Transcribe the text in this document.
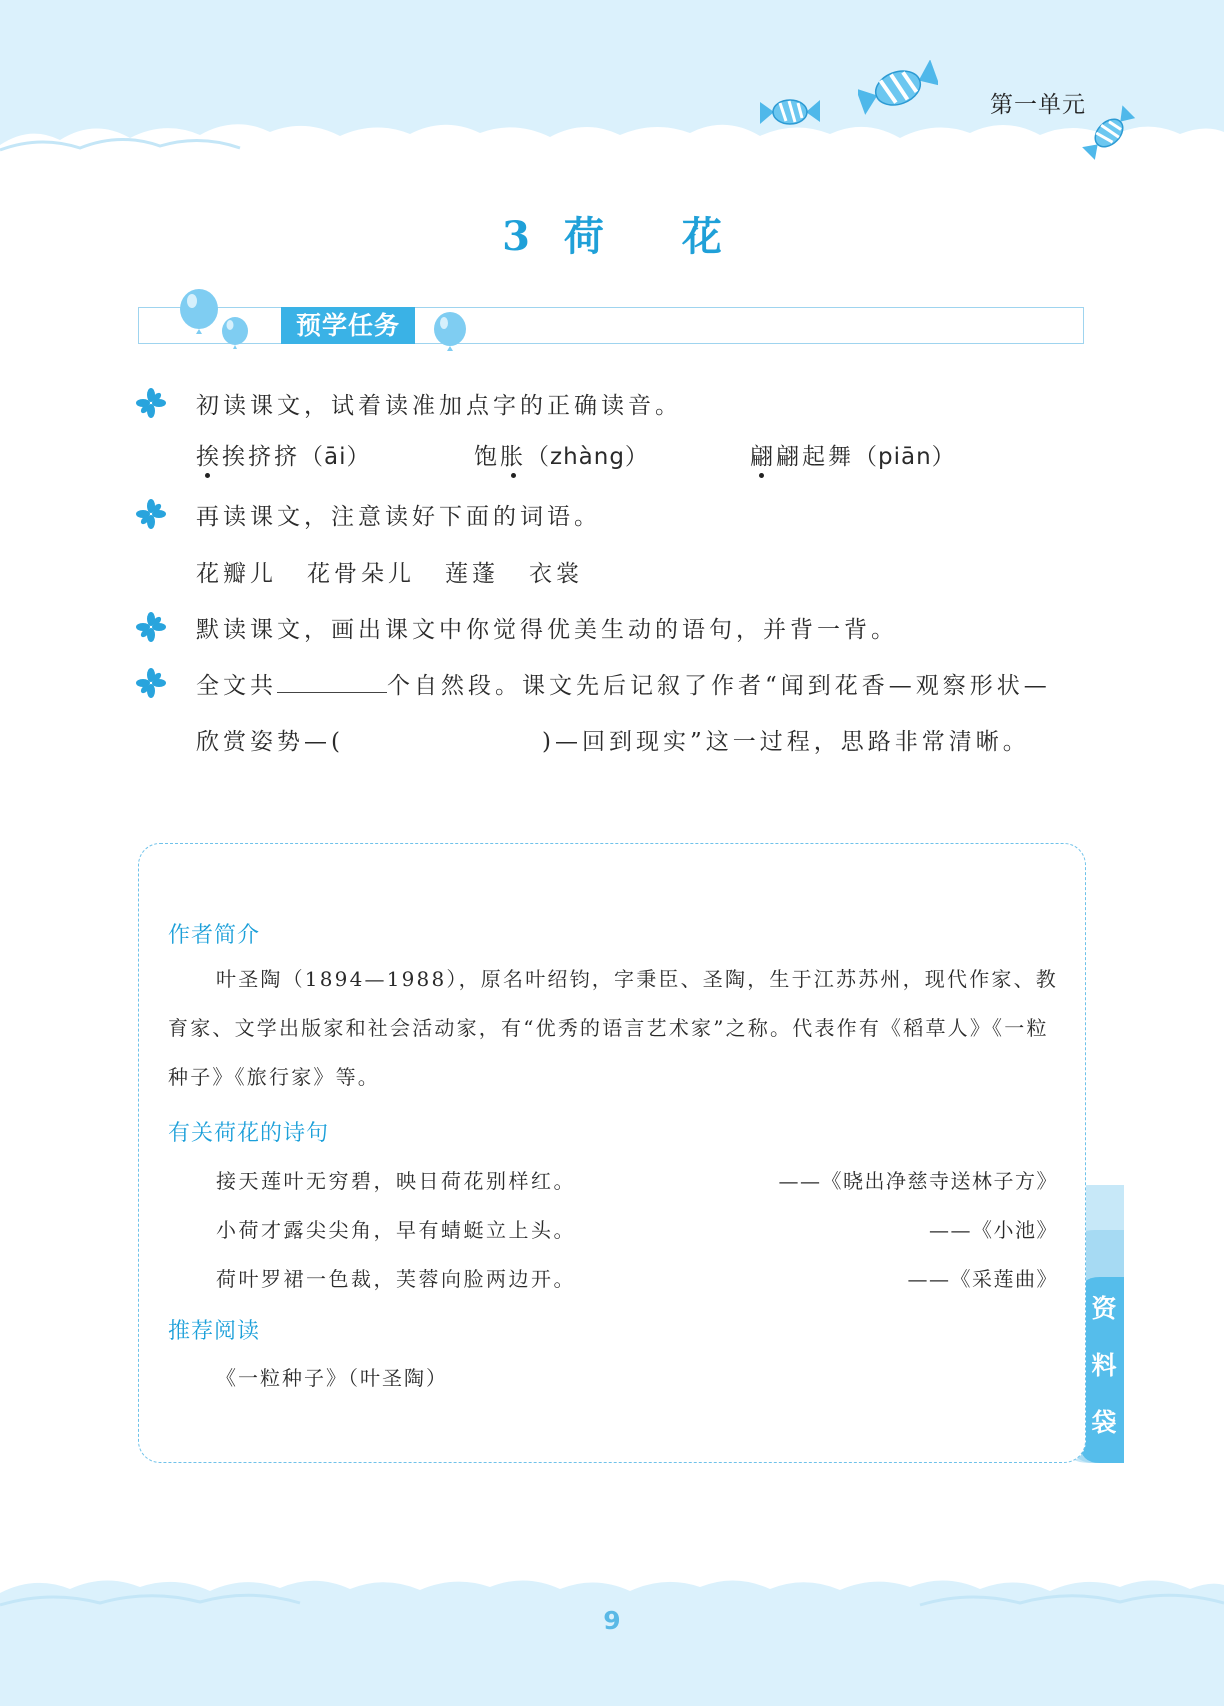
第一单元
3 荷 花
预学任务
初读课文，试着读准加点字的正确读音。
挨挨挤挤（āi）	饱胀（zhàng）	翩翩起舞（piān）
再读课文，注意读好下面的词语。
花瓣儿 花骨朵儿 莲蓬 衣裳
默读课文，画出课文中你觉得优美生动的语句，并背一背。
全文共	个自然段。课文先后记叙了作者“闻到花香—观察形状—
欣赏姿势—(	)—回到现实”这一过程，思路非常清晰。
资
料
袋
作者简介
叶圣陶（1894—1988），原名叶绍钧，字秉臣、圣陶，生于江苏苏州，现代作家、教育家、文学出版家和社会活动家，有“优秀的语言艺术家”之称。代表作有《稻草人》《一粒种子》《旅行家》等。
有关荷花的诗句
接天莲叶无穷碧，映日荷花别样红。	——《晓出净慈寺送林子方》
小荷才露尖尖角，早有蜻蜓立上头。	——《小池》
荷叶罗裙一色裁，芙蓉向脸两边开。	——《采莲曲》
推荐阅读
《一粒种子》（叶圣陶）
9
